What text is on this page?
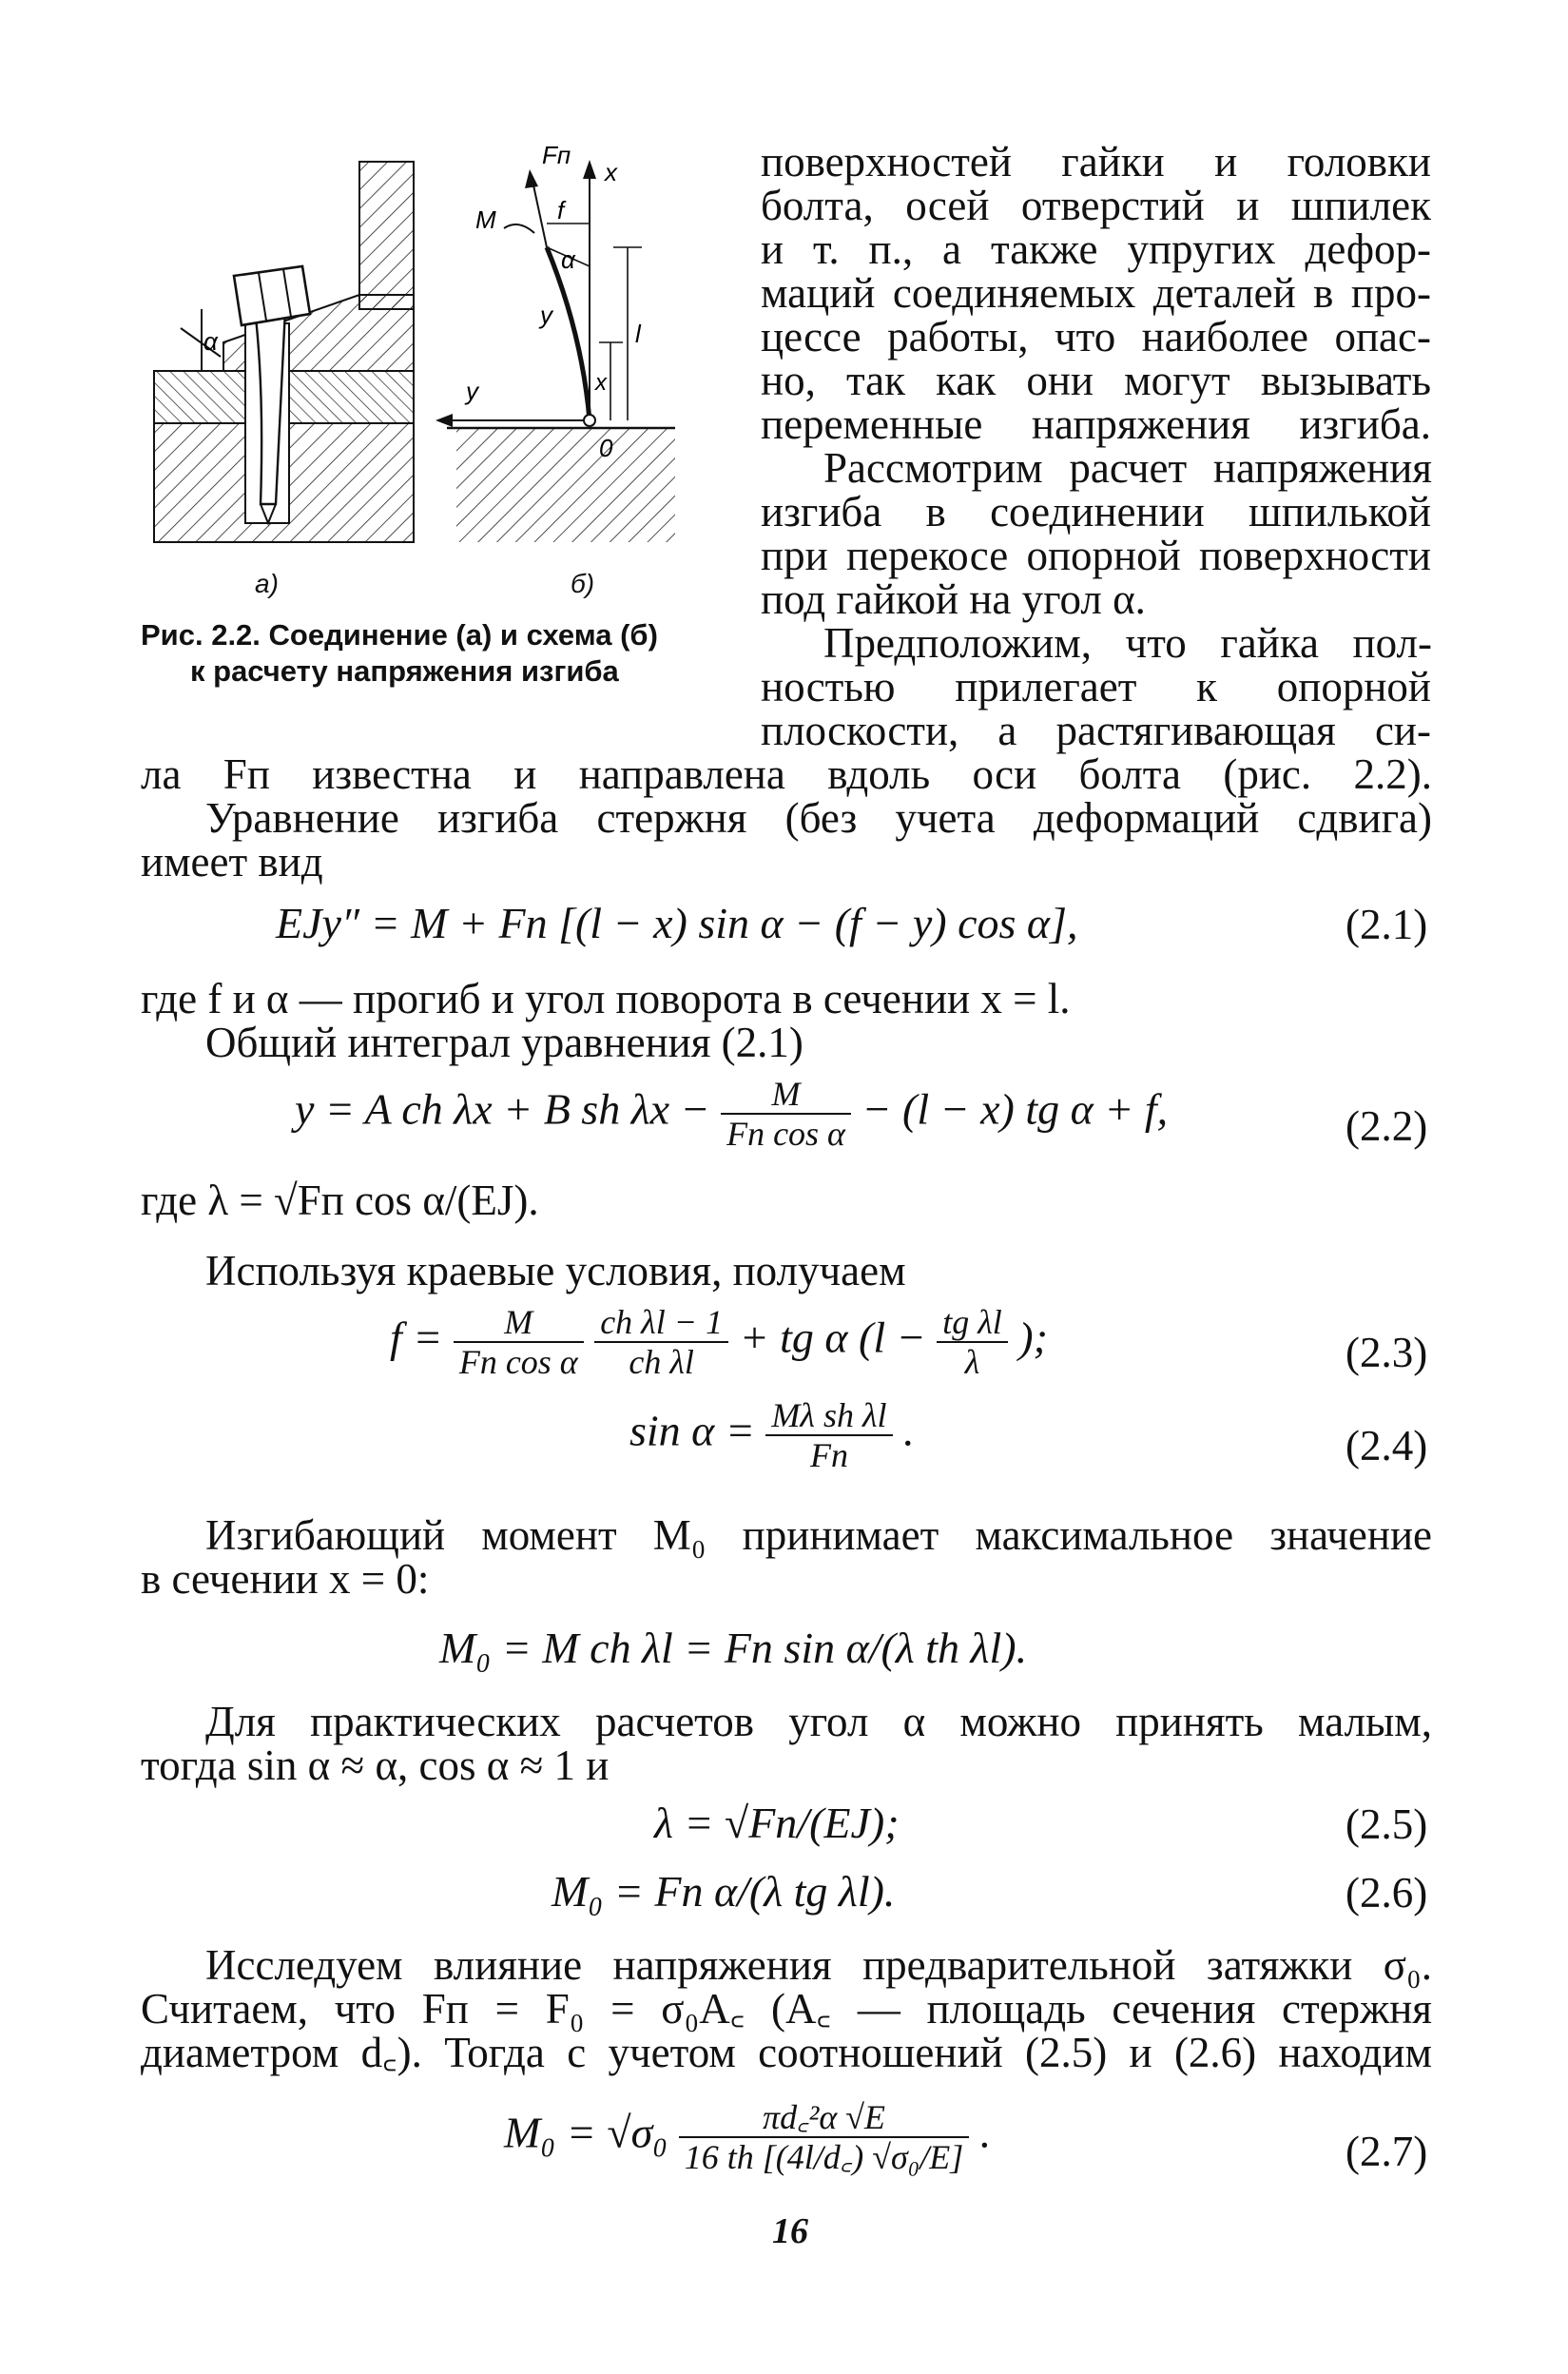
α
Fп
x
M f
α
y
l
x
y
0
а)	б)
Рис. 2.2. Соединение (а) и схема (б)
к расчету напряжения изгиба
поверхностей гайки и головки
болта, осей отверстий и шпилек
и т. п., а также упругих дефор-
маций соединяемых деталей в про-
цессе работы, что наиболее опас-
но, так как они могут вызывать
переменные напряжения изгиба.
Рассмотрим расчет напряжения
изгиба в соединении шпилькой
при перекосе опорной поверхности
под гайкой на угол α.
Предположим, что гайка пол-
ностью прилегает к опорной
плоскости, а растягивающая си-
ла Fп известна и направлена вдоль оси болта (рис. 2.2).
Уравнение изгиба стержня (без учета деформаций сдвига)
имеет вид
EJy″ = M + Fп [(l − x) sin α − (f − y) cos α],	(2.1)
где f и α — прогиб и угол поворота в сечении x = l.
Общий интеграл уравнения (2.1)
y = A ch λx + B sh $\lambda x - \frac{M}{\text{Fп cos α}} - (l - x)$ tg α + f,	(2.2)
где λ = √Fп cos α/(EJ).
Используя краевые условия, получаем
$f = \frac{M}{\text{Fп cos α}}$
$\frac{\text{ch λl − 1}}{\text{ch λl}}$ + tg α ($l - \frac{\text{tg λl}}{\lambda}$ );	(2.3)
$\sin \alpha = \frac{\text{Mλ sh λl}}{Fп}$ .	(2.4)
Изгибающий момент M₀ принимает максимальное значение
в сечении x = 0:
M₀ = M ch λl = Fп sin α/(λ th λl).
Для практических расчетов угол α можно принять малым,
тогда sin α ≈ α, cos α ≈ 1 и
λ = √Fп/(EJ);	(2.5)
M₀ = Fп α/(λ tg λl).	(2.6)
Исследуем влияние напряжения предварительной затяжки σ₀.
Считаем, что Fп = F₀ = σ₀A꜀ (A꜀ — площадь сечения стержня
диаметром d꜀). Тогда с учетом соотношений (2.5) и (2.6) находим
$M_0 = √\sigma_0 \frac{\text{πd꜀²α √E}}{\text{16 th [(4l/d꜀) √σ₀/E]}}$ .	(2.7)
16
